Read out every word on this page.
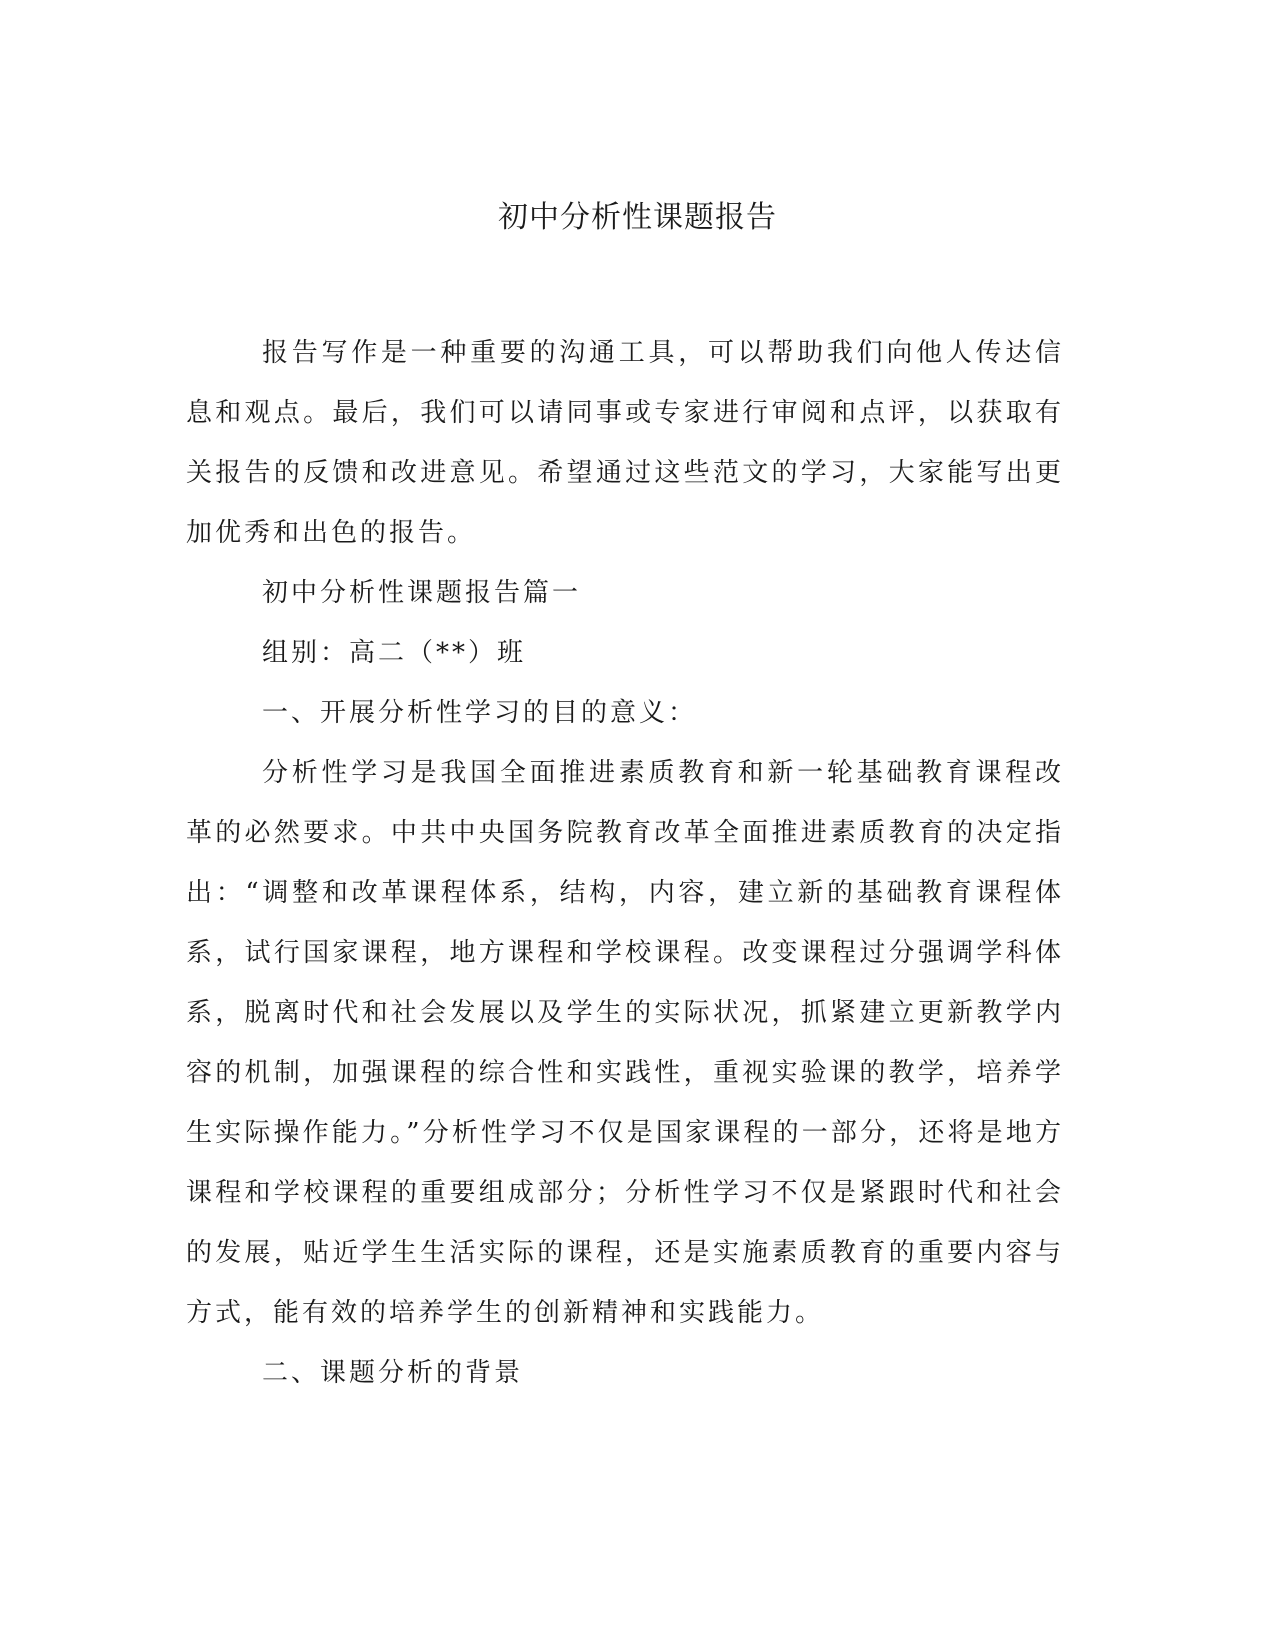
初中分析性课题报告

报告写作是一种重要的沟通工具，可以帮助我们向他人传达信息和观点。最后，我们可以请同事或专家进行审阅和点评，以获取有关报告的反馈和改进意见。希望通过这些范文的学习，大家能写出更加优秀和出色的报告。

初中分析性课题报告篇一

组别：高二（**）班

一、开展分析性学习的目的意义：

分析性学习是我国全面推进素质教育和新一轮基础教育课程改革的必然要求。中共中央国务院教育改革全面推进素质教育的决定指出：“调整和改革课程体系，结构，内容，建立新的基础教育课程体系，试行国家课程，地方课程和学校课程。改变课程过分强调学科体系，脱离时代和社会发展以及学生的实际状况，抓紧建立更新教学内容的机制，加强课程的综合性和实践性，重视实验课的教学，培养学生实际操作能力。”分析性学习不仅是国家课程的一部分，还将是地方课程和学校课程的重要组成部分；分析性学习不仅是紧跟时代和社会的发展，贴近学生生活实际的课程，还是实施素质教育的重要内容与方式，能有效的培养学生的创新精神和实践能力。

二、课题分析的背景
